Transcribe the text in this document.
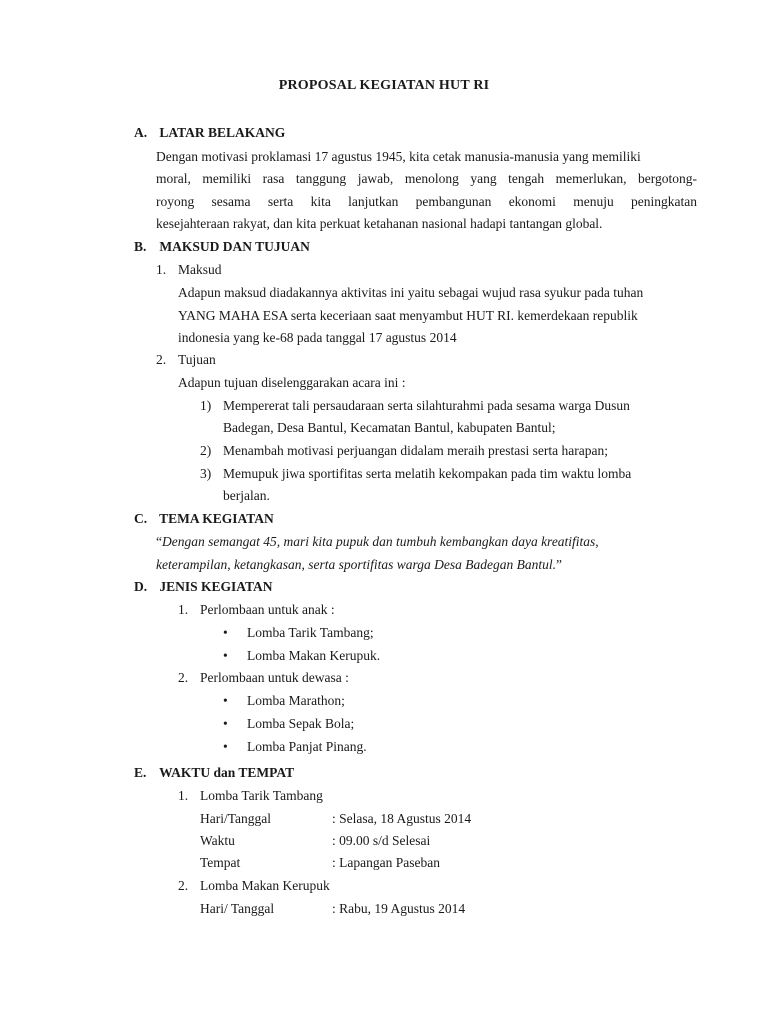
PROPOSAL KEGIATAN HUT RI
A. LATAR BELAKANG
Dengan motivasi proklamasi 17 agustus 1945, kita cetak manusia-manusia yang memiliki
moral, memiliki rasa tanggung jawab, menolong yang tengah memerlukan, bergotong-
royong sesama serta kita lanjutkan pembangunan ekonomi menuju peningkatan
kesejahteraan rakyat, dan kita perkuat ketahanan nasional hadapi tantangan global.
B. MAKSUD DAN TUJUAN
1. Maksud
Adapun maksud diadakannya aktivitas ini yaitu sebagai wujud rasa syukur pada tuhan
YANG MAHA ESA serta keceriaan saat menyambut HUT RI. kemerdekaan republik
indonesia yang ke-68 pada tanggal 17 agustus 2014
2. Tujuan
Adapun tujuan diselenggarakan acara ini :
1) Mempererat tali persaudaraan serta silahturahmi pada sesama warga Dusun
Badegan, Desa Bantul, Kecamatan Bantul, kabupaten Bantul;
2) Menambah motivasi perjuangan didalam meraih prestasi serta harapan;
3) Memupuk jiwa sportifitas serta melatih kekompakan pada tim waktu lomba
berjalan.
C. TEMA KEGIATAN
“Dengan semangat 45, mari kita pupuk dan tumbuh kembangkan daya kreatifitas,
keterampilan, ketangkasan, serta sportifitas warga Desa Badegan Bantul.”
D. JENIS KEGIATAN
1. Perlombaan untuk anak :
• Lomba Tarik Tambang;
• Lomba Makan Kerupuk.
2. Perlombaan untuk dewasa :
• Lomba Marathon;
• Lomba Sepak Bola;
• Lomba Panjat Pinang.
E. WAKTU dan TEMPAT
1. Lomba Tarik Tambang
Hari/Tanggal	: Selasa, 18 Agustus 2014
Waktu	: 09.00 s/d Selesai
Tempat	: Lapangan Paseban
2. Lomba Makan Kerupuk
Hari/ Tanggal	: Rabu, 19 Agustus 2014
